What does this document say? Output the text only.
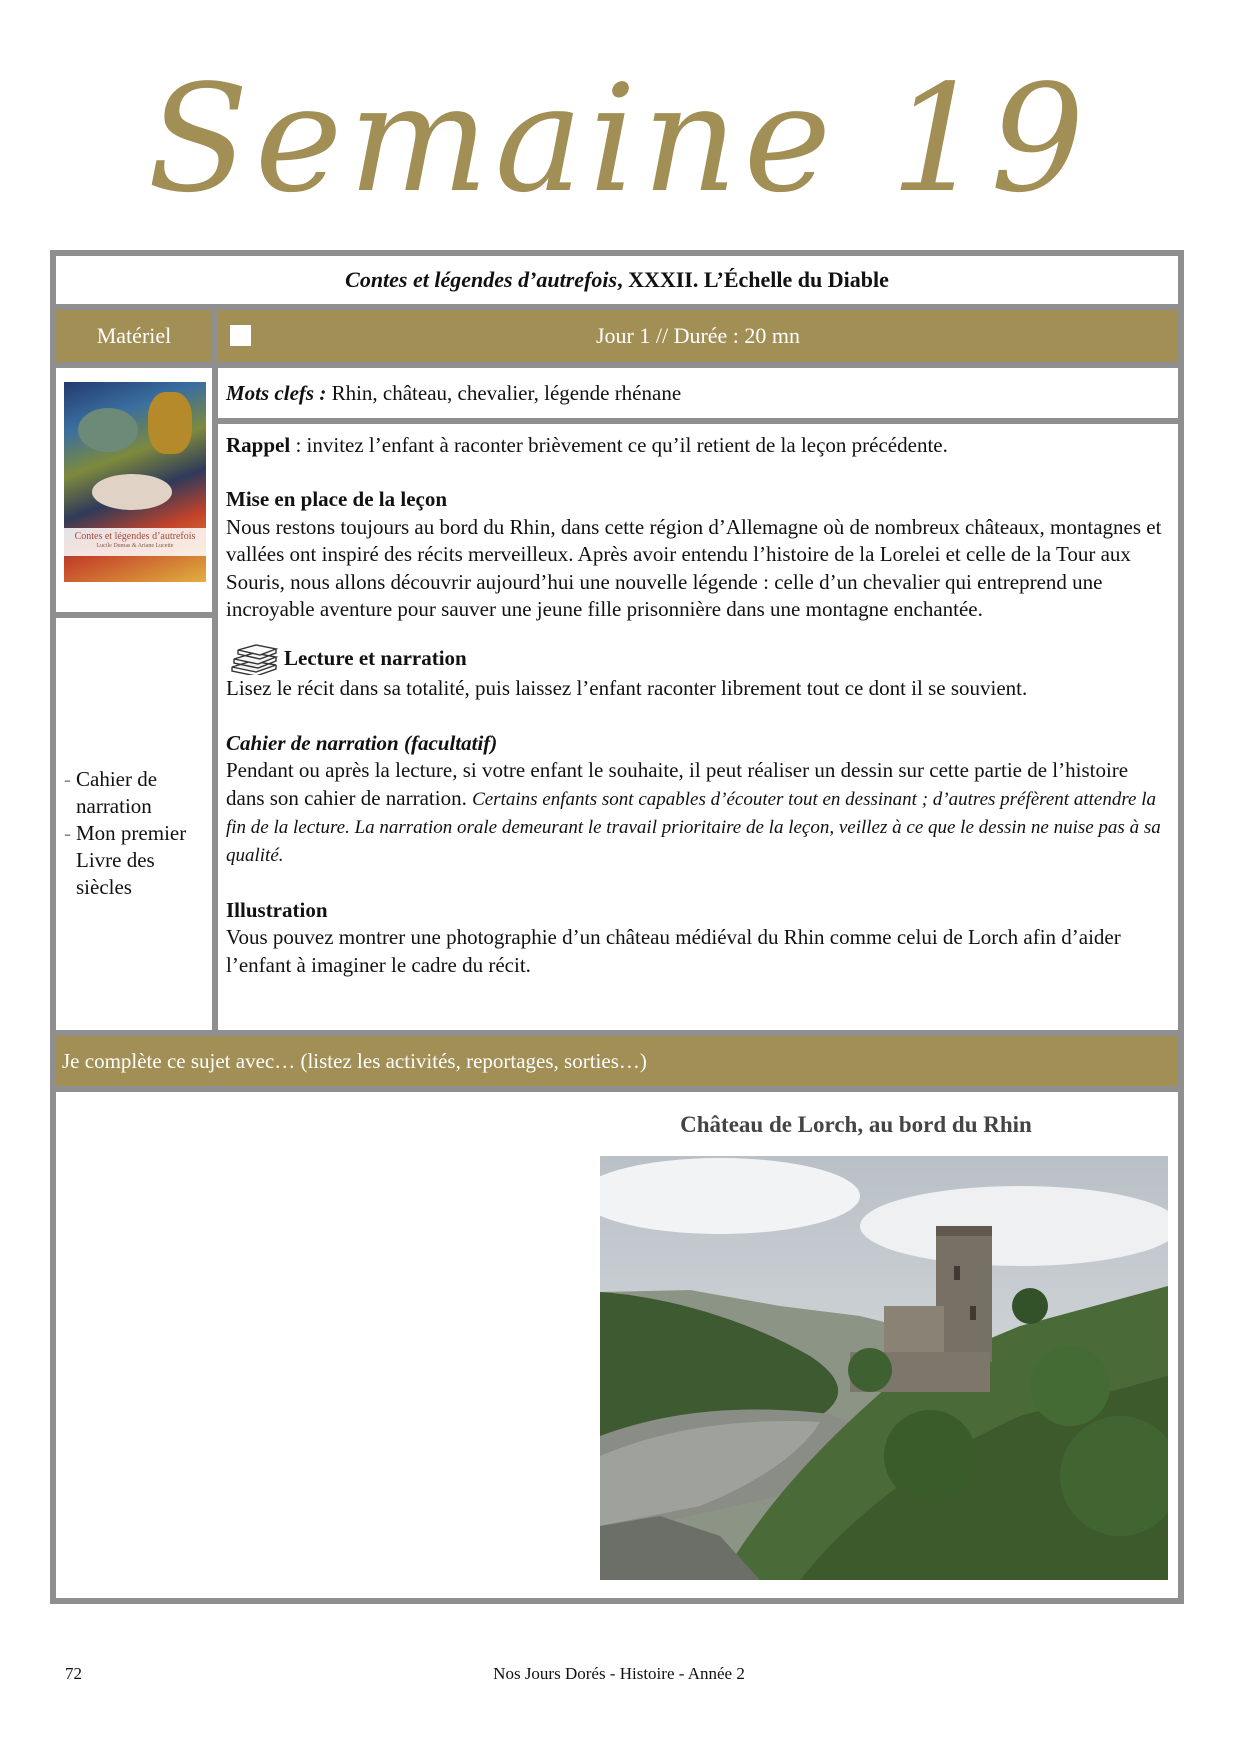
Semaine 19
Contes et légendes d’autrefois, XXXII. L’Échelle du Diable
Matériel	Jour 1 // Durée : 20 mn
Contes et légendes d’autrefois
Lucile Dumas & Ariane Lucette
- Cahier de narration
- Mon premier Livre des siècles
Mots clefs : Rhin, château, chevalier, légende rhénane

Rappel : invitez l’enfant à raconter brièvement ce qu’il retient de la leçon précédente.

Mise en place de la leçon

Nous restons toujours au bord du Rhin, dans cette région d’Allemagne où de nombreux châteaux, montagnes et vallées ont inspiré des récits merveilleux. Après avoir entendu l’histoire de la Lorelei et celle de la Tour aux Souris, nous allons découvrir aujourd’hui une nouvelle légende : celle d’un chevalier qui entreprend une incroyable aventure pour sauver une jeune fille prisonnière dans une montagne enchantée.

Lecture et narration

Lisez le récit dans sa totalité, puis laissez l’enfant raconter librement tout ce dont il se souvient.

Cahier de narration (facultatif)

Pendant ou après la lecture, si votre enfant le souhaite, il peut réaliser un dessin sur cette partie de l’histoire dans son cahier de narration. Certains enfants sont capables d’écouter tout en dessinant ; d’autres préfèrent attendre la fin de la lecture. La narration orale demeurant le travail prioritaire de la leçon, veillez à ce que le dessin ne nuise pas à sa qualité.

Illustration

Vous pouvez montrer une photographie d’un château médiéval du Rhin comme celui de Lorch afin d’aider l’enfant à imaginer le cadre du récit.

Je complète ce sujet avec… (listez les activités, reportages, sorties…)
Château de Lorch, au bord du Rhin
72	Nos Jours Dorés - Histoire - Année 2
